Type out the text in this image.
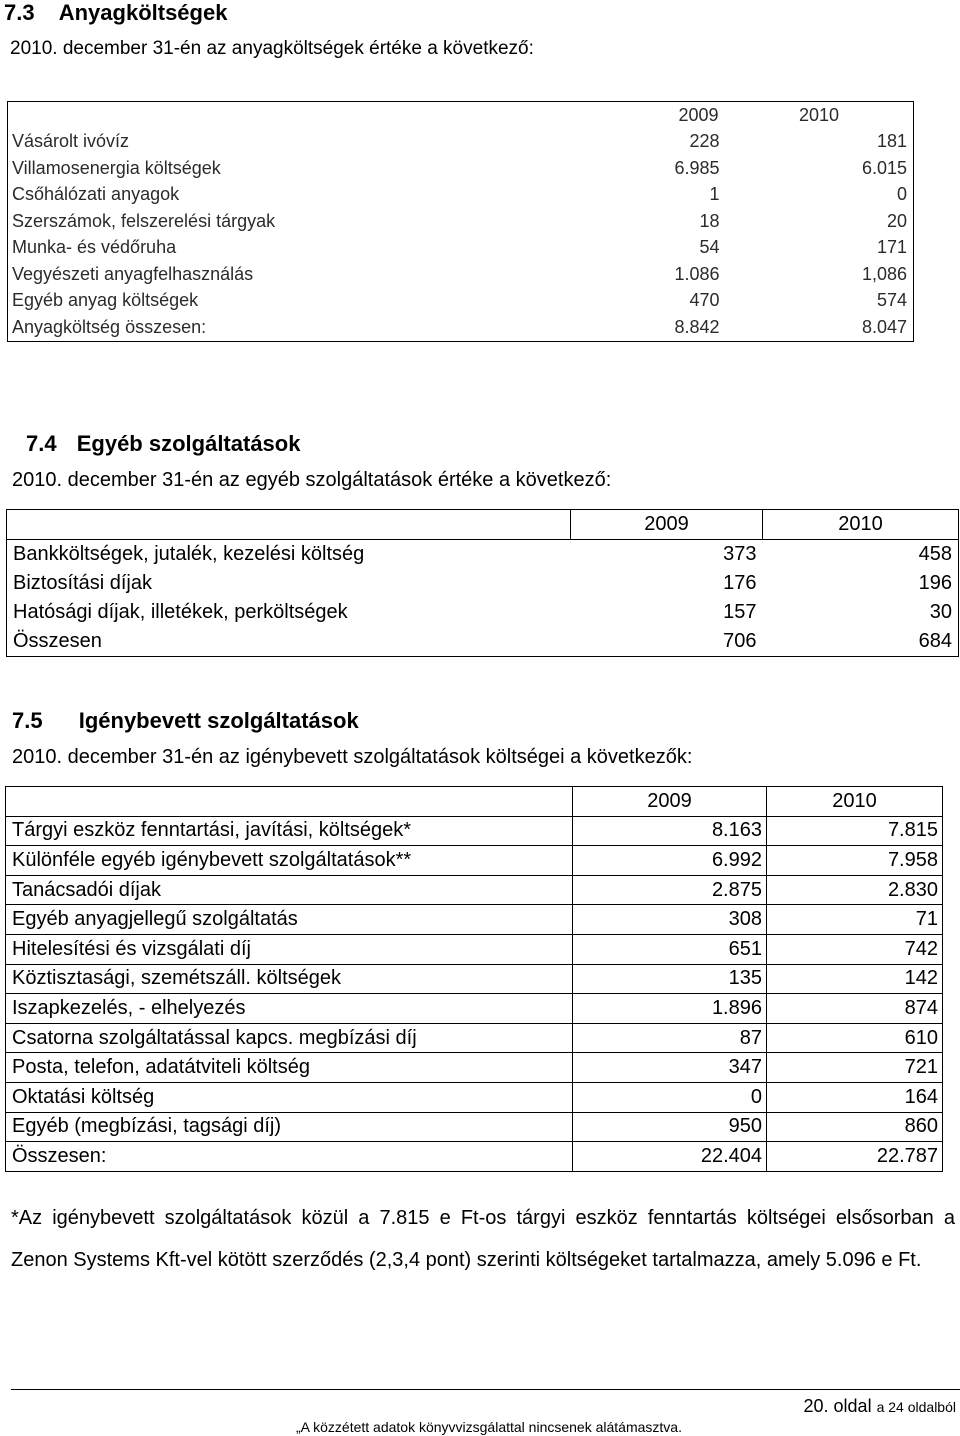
7.3 Anyagköltségek
2010. december 31-én az anyagköltségek értéke a következő:
	2009	2010
Vásárolt ivóvíz	228	181
Villamosenergia költségek	6.985	6.015
Csőhálózati anyagok	1	0
Szerszámok, felszerelési tárgyak	18	20
Munka- és védőruha	54	171
Vegyészeti anyagfelhasználás	1.086	1,086
Egyéb anyag költségek	470	574
Anyagköltség összesen:	8.842	8.047
7.4 Egyéb szolgáltatások
2010. december 31-én az egyéb szolgáltatások értéke a következő:
	2009	2010
Bankköltségek, jutalék, kezelési költség	373	458
Biztosítási díjak	176	196
Hatósági díjak, illetékek, perköltségek	157	30
Összesen	706	684
7.5 Igénybevett szolgáltatások
2010. december 31-én az igénybevett szolgáltatások költségei a következők:
	2009	2010
Tárgyi eszköz fenntartási, javítási, költségek*	8.163	7.815
Különféle egyéb igénybevett szolgáltatások**	6.992	7.958
Tanácsadói díjak	2.875	2.830
Egyéb anyagjellegű szolgáltatás	308	71
Hitelesítési és vizsgálati díj	651	742
Köztisztasági, szemétszáll. költségek	135	142
Iszapkezelés, - elhelyezés	1.896	874
Csatorna szolgáltatással kapcs. megbízási díj	87	610
Posta, telefon, adatátviteli költség	347	721
Oktatási költség	0	164
Egyéb (megbízási, tagsági díj)	950	860
Összesen:	22.404	22.787
*Az igénybevett szolgáltatások közül a 7.815 e Ft-os tárgyi eszköz fenntartás költségei elsősorban a
Zenon Systems Kft-vel kötött szerződés (2,3,4 pont) szerinti költségeket tartalmazza, amely 5.096 e Ft.
20. oldal a 24 oldalból
„A közzétett adatok könyvvizsgálattal nincsenek alátámasztva.
